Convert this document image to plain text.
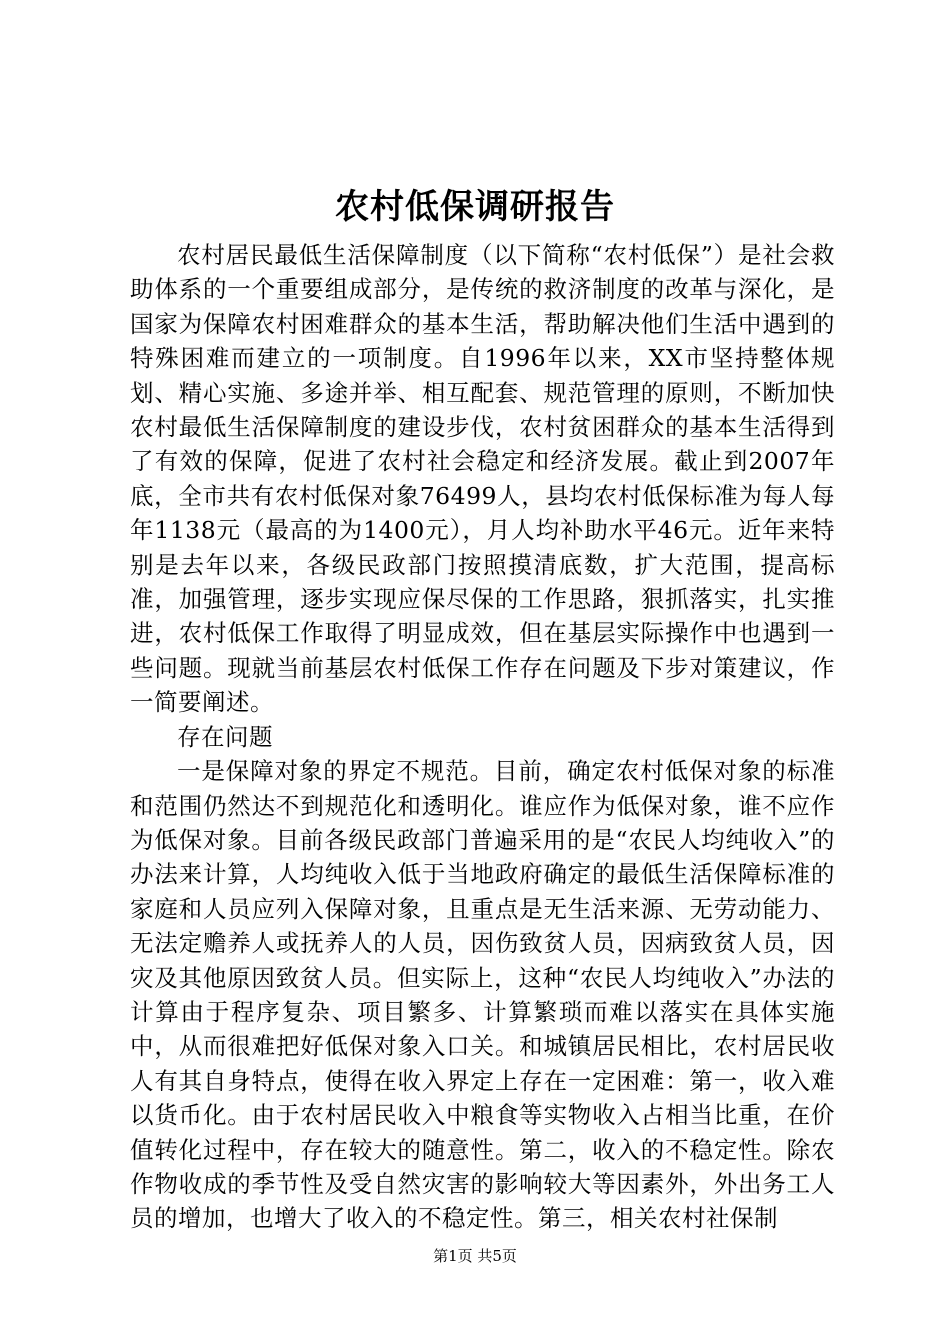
农村低保调研报告

农村居民最低生活保障制度（以下简称“农村低保”）是社会救助体系的一个重要组成部分，是传统的救济制度的改革与深化，是国家为保障农村困难群众的基本生活，帮助解决他们生活中遇到的特殊困难而建立的一项制度。自1996年以来，XX市坚持整体规划、精心实施、多途并举、相互配套、规范管理的原则，不断加快农村最低生活保障制度的建设步伐，农村贫困群众的基本生活得到了有效的保障，促进了农村社会稳定和经济发展。截止到2007年底，全市共有农村低保对象76499人，县均农村低保标准为每人每年1138元（最高的为1400元），月人均补助水平46元。近年来特别是去年以来，各级民政部门按照摸清底数，扩大范围，提高标准，加强管理，逐步实现应保尽保的工作思路，狠抓落实，扎实推进，农村低保工作取得了明显成效，但在基层实际操作中也遇到一些问题。现就当前基层农村低保工作存在问题及下步对策建议，作一简要阐述。

存在问题

一是保障对象的界定不规范。目前，确定农村低保对象的标准和范围仍然达不到规范化和透明化。谁应作为低保对象，谁不应作为低保对象。目前各级民政部门普遍采用的是“农民人均纯收入”的办法来计算，人均纯收入低于当地政府确定的最低生活保障标准的家庭和人员应列入保障对象，且重点是无生活来源、无劳动能力、无法定赡养人或抚养人的人员，因伤致贫人员，因病致贫人员，因灾及其他原因致贫人员。但实际上，这种“农民人均纯收入”办法的计算由于程序复杂、项目繁多、计算繁琐而难以落实在具体实施中，从而很难把好低保对象入口关。和城镇居民相比，农村居民收人有其自身特点，使得在收入界定上存在一定困难：第一，收入难以货币化。由于农村居民收入中粮食等实物收入占相当比重，在价值转化过程中，存在较大的随意性。第二，收入的不稳定性。除农作物收成的季节性及受自然灾害的影响较大等因素外，外出务工人员的增加，也增大了收入的不稳定性。第三，相关农村社保制

第1页 共5页
